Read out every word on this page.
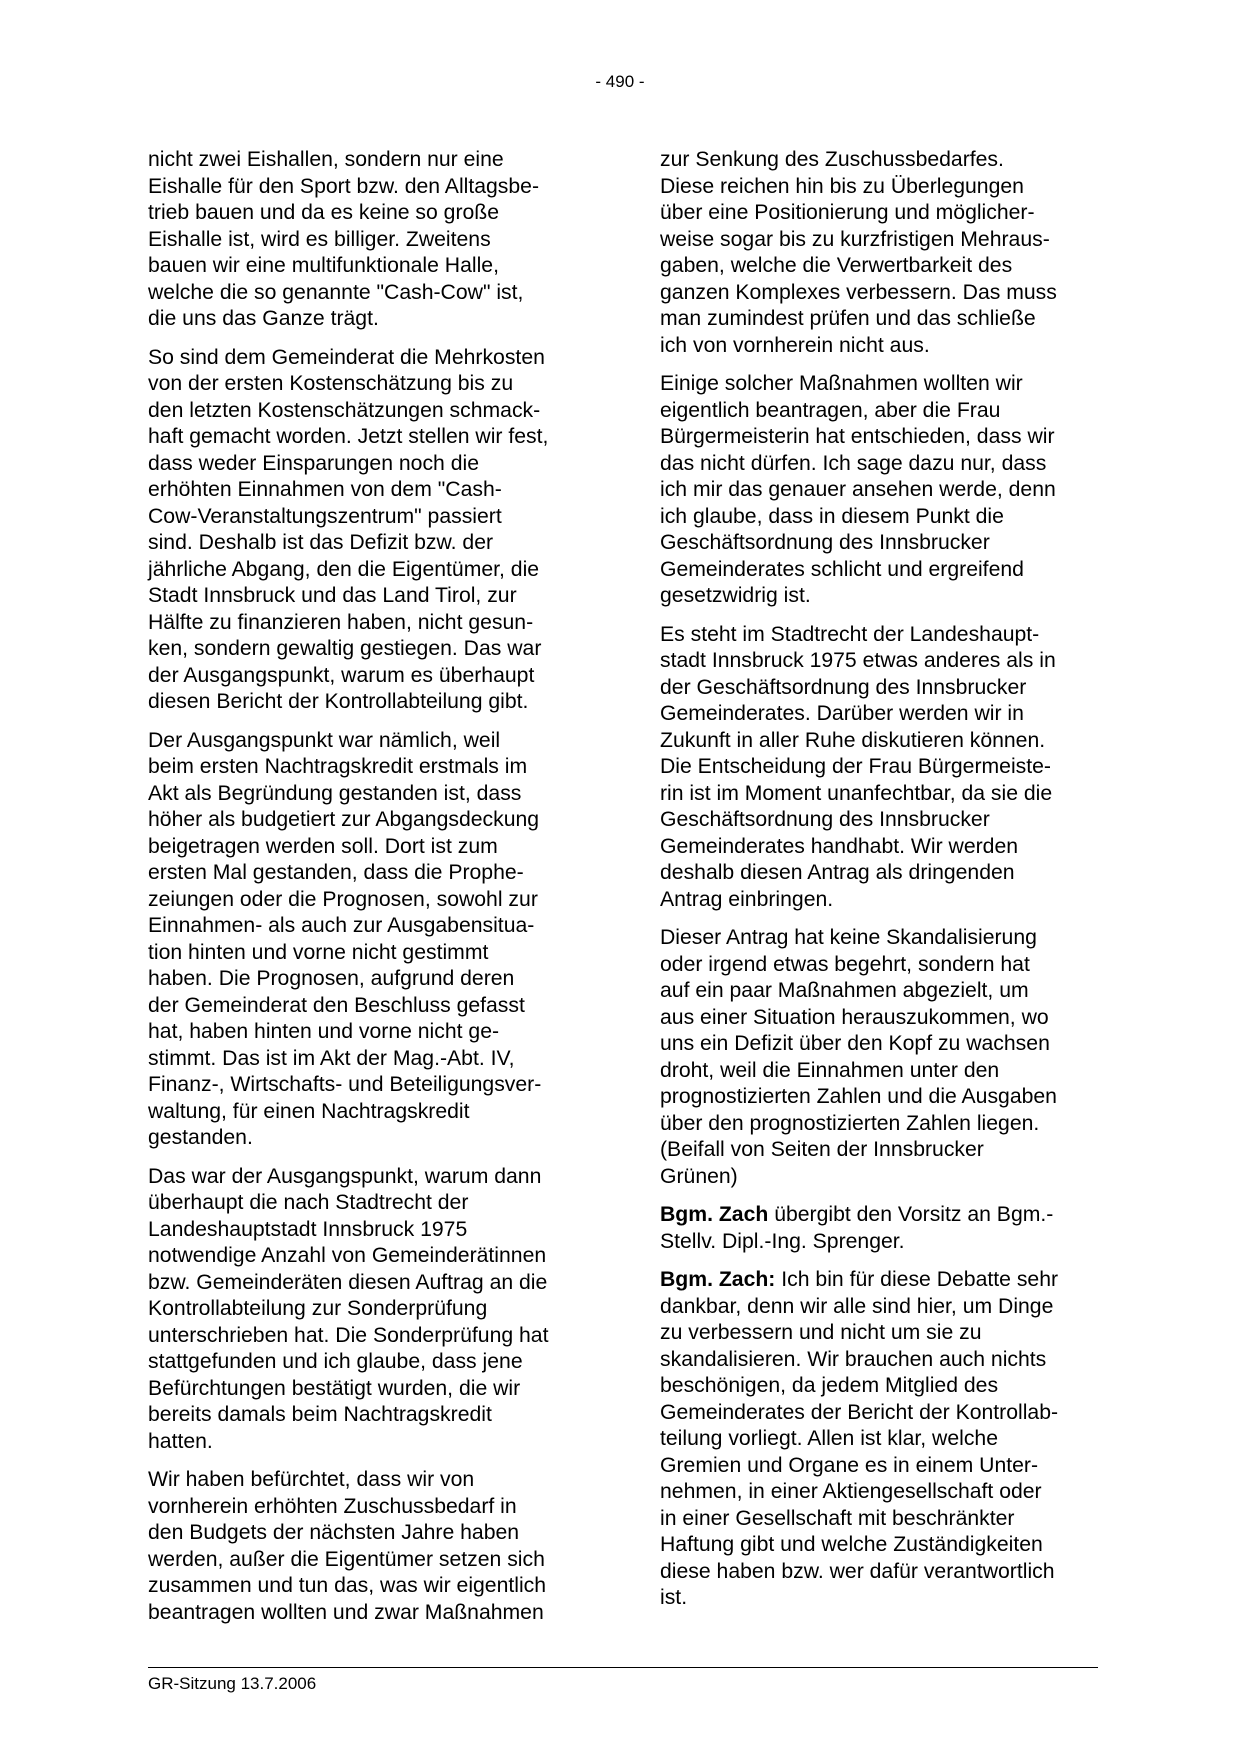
- 490 -

nicht zwei Eishallen, sondern nur eine
Eishalle für den Sport bzw. den Alltagsbe-
trieb bauen und da es keine so große
Eishalle ist, wird es billiger. Zweitens
bauen wir eine multifunktionale Halle,
welche die so genannte "Cash-Cow" ist,
die uns das Ganze trägt.

So sind dem Gemeinderat die Mehrkosten
von der ersten Kostenschätzung bis zu
den letzten Kostenschätzungen schmack-
haft gemacht worden. Jetzt stellen wir fest,
dass weder Einsparungen noch die
erhöhten Einnahmen von dem "Cash-
Cow-Veranstaltungszentrum" passiert
sind. Deshalb ist das Defizit bzw. der
jährliche Abgang, den die Eigentümer, die
Stadt Innsbruck und das Land Tirol, zur
Hälfte zu finanzieren haben, nicht gesun-
ken, sondern gewaltig gestiegen. Das war
der Ausgangspunkt, warum es überhaupt
diesen Bericht der Kontrollabteilung gibt.

Der Ausgangspunkt war nämlich, weil
beim ersten Nachtragskredit erstmals im
Akt als Begründung gestanden ist, dass
höher als budgetiert zur Abgangsdeckung
beigetragen werden soll. Dort ist zum
ersten Mal gestanden, dass die Prophe-
zeiungen oder die Prognosen, sowohl zur
Einnahmen- als auch zur Ausgabensitua-
tion hinten und vorne nicht gestimmt
haben. Die Prognosen, aufgrund deren
der Gemeinderat den Beschluss gefasst
hat, haben hinten und vorne nicht ge-
stimmt. Das ist im Akt der Mag.-Abt. IV,
Finanz-, Wirtschafts- und Beteiligungsver-
waltung, für einen Nachtragskredit
gestanden.

Das war der Ausgangspunkt, warum dann
überhaupt die nach Stadtrecht der
Landeshauptstadt Innsbruck 1975
notwendige Anzahl von Gemeinderätinnen
bzw. Gemeinderäten diesen Auftrag an die
Kontrollabteilung zur Sonderprüfung
unterschrieben hat. Die Sonderprüfung hat
stattgefunden und ich glaube, dass jene
Befürchtungen bestätigt wurden, die wir
bereits damals beim Nachtragskredit
hatten.

Wir haben befürchtet, dass wir von
vornherein erhöhten Zuschussbedarf in
den Budgets der nächsten Jahre haben
werden, außer die Eigentümer setzen sich
zusammen und tun das, was wir eigentlich
beantragen wollten und zwar Maßnahmen

zur Senkung des Zuschussbedarfes.
Diese reichen hin bis zu Überlegungen
über eine Positionierung und möglicher-
weise sogar bis zu kurzfristigen Mehraus-
gaben, welche die Verwertbarkeit des
ganzen Komplexes verbessern. Das muss
man zumindest prüfen und das schließe
ich von vornherein nicht aus.

Einige solcher Maßnahmen wollten wir
eigentlich beantragen, aber die Frau
Bürgermeisterin hat entschieden, dass wir
das nicht dürfen. Ich sage dazu nur, dass
ich mir das genauer ansehen werde, denn
ich glaube, dass in diesem Punkt die
Geschäftsordnung des Innsbrucker
Gemeinderates schlicht und ergreifend
gesetzwidrig ist.

Es steht im Stadtrecht der Landeshaupt-
stadt Innsbruck 1975 etwas anderes als in
der Geschäftsordnung des Innsbrucker
Gemeinderates. Darüber werden wir in
Zukunft in aller Ruhe diskutieren können.
Die Entscheidung der Frau Bürgermeiste-
rin ist im Moment unanfechtbar, da sie die
Geschäftsordnung des Innsbrucker
Gemeinderates handhabt. Wir werden
deshalb diesen Antrag als dringenden
Antrag einbringen.

Dieser Antrag hat keine Skandalisierung
oder irgend etwas begehrt, sondern hat
auf ein paar Maßnahmen abgezielt, um
aus einer Situation herauszukommen, wo
uns ein Defizit über den Kopf zu wachsen
droht, weil die Einnahmen unter den
prognostizierten Zahlen und die Ausgaben
über den prognostizierten Zahlen liegen.
(Beifall von Seiten der Innsbrucker
Grünen)

Bgm. Zach übergibt den Vorsitz an Bgm.-
Stellv. Dipl.-Ing. Sprenger.

Bgm. Zach: Ich bin für diese Debatte sehr
dankbar, denn wir alle sind hier, um Dinge
zu verbessern und nicht um sie zu
skandalisieren. Wir brauchen auch nichts
beschönigen, da jedem Mitglied des
Gemeinderates der Bericht der Kontrollab-
teilung vorliegt. Allen ist klar, welche
Gremien und Organe es in einem Unter-
nehmen, in einer Aktiengesellschaft oder
in einer Gesellschaft mit beschränkter
Haftung gibt und welche Zuständigkeiten
diese haben bzw. wer dafür verantwortlich
ist.

GR-Sitzung 13.7.2006
